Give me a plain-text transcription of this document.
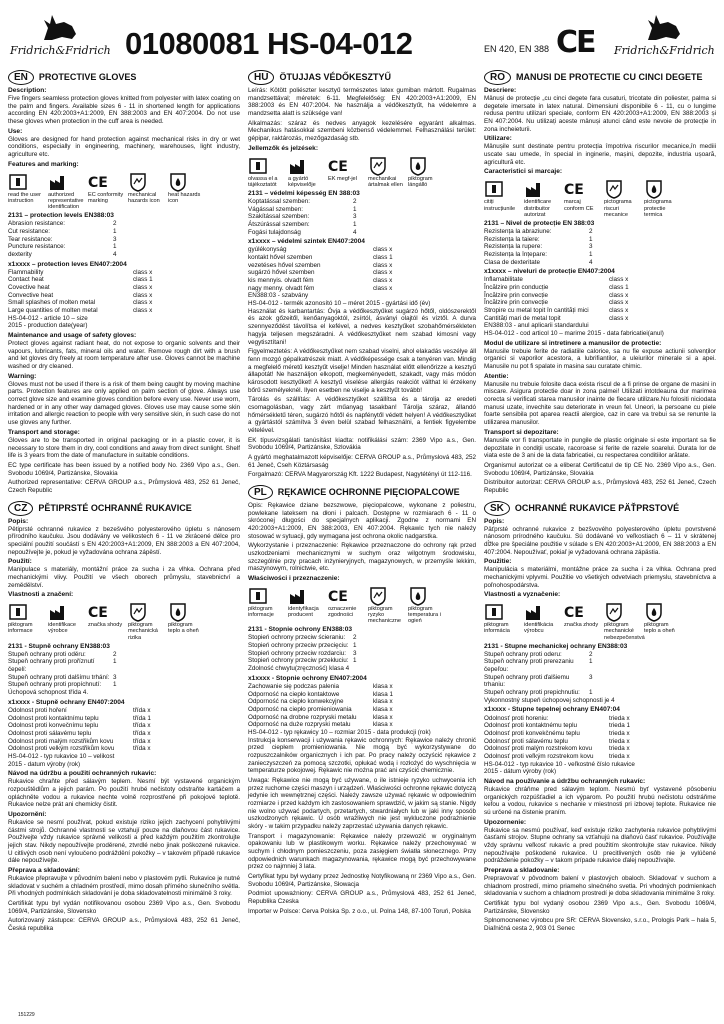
Fridrich&Fridrich 01080081 HS-04-012	EN 420, EN 388 CE Fridrich&Fridrich
EN	PROTECTIVE GLOVES
Description:

Five fingers seamless protection gloves knitted from polyester with latex coating on the palm and fingers. Available sizes 6 - 11 in shortened length for applications according EN 420:2003+A1:2009, EN 388:2003 and EN 407:2004. Do not use these gloves when protection in the cuff area is needed.

Use:

Gloves are designed for hand protection against mechanical risks in dry or wet conditions, especially in engineering, machinery, warehouses, light industry, agriculture etc.

Features and marking:
read the user instruction
authorized representative identification
EC conformity marking
mechanical hazards icon
heat hazards icon
2131 – protection levels EN388:03
Abrasion resistance:	2
Cut resistance:	1
Tear resistance:	3
Puncture resistance:	1
dexterity	4
x1xxxx – protection leves EN407:2004
Flammability	class x
Contact heat	class 1
Covective heat	class x
Convective heat	class x
Small splashes of molten metal	class x
Large quantities of molten metal	class x
HS-04-012 - article 10 – size
2015 - production date(year)
Maintenance and usage of safety gloves:

Protect gloves against radiant heat, do not expose to organic solvents and their vapours, lubricants, fats, mineral oils and water. Remove rough dirt with a brush and let gloves dry freely at room temperature after use. Gloves cannot be machine washed or dry cleaned.

Warning:

Gloves must not be used if there is a risk of them being caught by moving machine parts. Protection features are only applied on palm section of glove. Always use correct glove size and examine gloves condition before every use. Never use worn, hardened or in any other way damaged gloves. Gloves use may cause some skin irritation and allergic reaction to people with very sensitive skin, in such case do not use gloves any further.

Transport and storage:

Gloves are to be transported in original packaging or in a plastic cover, it is necessary to store them in dry, cool conditions and away from direct sunlight. Shelf life is 3 years from the date of manufacture in suitable conditions.

EC type certificate has been issued by a notified body No. 2369 Vipo a.s., Gen. Svobodu 1069/4, Partizánske, Slovakia

Authorized representative: CERVA GROUP a.s., Průmyslová 483, 252 61 Jeneč, Czech Republic

CZ	PĚTIPRSTÉ OCHRANNÉ RUKAVICE
Popis:

Pětiprsté ochranné rukavice z bezešvého polyesterového úpletu s nánosem přírodního kaučuku. Jsou dodávány ve velikostech 6 - 11 ve zkrácené délce pro speciální použití součástí s EN 420:2003+A1:2009, EN 388:2003 a EN 407:2004, nepoužívejte je, pokud je vyžadována ochrana zápěstí.

Použití:

Manipulace s materiály, montážní práce za sucha i za vlhka. Ochrana před mechanickými vlivy. Použití ve všech oborech průmyslu, stavebnictví a zemědělství.

Vlastnosti a značení:
piktogram informace
identifikace výrobce
značka shody piktogram mechanická rizika
piktogram teplo a oheň
2131 - Stupně ochrany EN388:03
Stupeň ochrany proti oděru:	2
Stupeň ochrany proti proříznutí čepelí:
1
Stupeň ochrany proti dalšímu trhání: 3
Stupeň ochrany proti propíchnutí:	1
Úchopová schopnost třída 4.
x1xxxx - Stupně ochrany EN407:2004
Odolnost proti hoření	třída x
Odolnost proti kontaktnímu teplu	třída 1
Odolnost proti konvečnímu teplu	třída x
Odolnost proti sálavému teplu	třída x
Odolnost proti malým rozstřikům kovu	třída x
Odolnost proti velkým rozstřikům kovu	třída x
HS-04-012 - typ rukavice 10 – velikost
2015 - datum výroby (rok)
Návod na údržbu a použití ochranných rukavic:

Rukavice chraňte před sálavým teplem. Nesmí být vystavené organickým rozpouštědlům a jejich parám. Po použití hrubé nečistoty odstraňte kartáčem a opláchněte vodou a rukavice nechte volně rozprostřené při pokojové teplotě. Rukavice nelze prát ani chemicky čistit.

Upozornění:

Rukavice se nesmí používat, pokud existuje riziko jejich zachycení pohyblivými částmi strojů. Ochranné vlastnosti se vztahují pouze na dlaňovou část rukavice. Používejte vždy rukavice správné velikosti a před každým použitím zkontrolujte jejich stav. Nikdy nepoužívejte proděrené, ztvrdlé nebo jinak poškozené rukavice. U citlivých osob není vyloučeno podráždění pokožky – v takovém případě rukavice dále nepoužívejte.

Přeprava a skladování:

Rukavice přepravujte v původním balení nebo v plastovém pytli. Rukavice je nutné skladovat v suchém a chladném prostředí, mimo dosah přímého slunečního světla. Při vhodných podmínkách skladování je doba skladovatelnosti minimálně 3 roky.

Certifikát typu byl vydán notifikovanou osobou 2369 Vipo a.s., Gen. Svobodu 1069/4, Partizánske, Slovensko

Autorizovaný zástupce: CERVA GROUP a.s., Průmyslová 483, 252 61 Jeneč, Česká republika

HU	ÖTUJJAS VÉDŐKESZTYŰ

Leírás: Kötött poliészter kesztyű természetes latex gumiban mártott. Rugalmas mandzsettával; méretek: 6-11. Megfelelőség: EN 420:2003+A1:2009, EN 388:2003 és EN 407:2004. Ne használja a védőkesztyűt, ha védelemre a mandzsetta alatt is szüksége van!

Alkalmazás: száraz és nedves anyagok kezelésére egyaránt alkalmas. Mechanikus hatásokkal szembeni közbenső védelemmel. Felhasználási terület: gépipar, raktározás, mezőgazdaság stb.

Jellemzők és jelzések:
olvassa el a tájékoztatót
a gyártó képviselője
EK megf-jel mechanikai ártalmak ellen
piktogram lángálló
2131 – védelmi képesség EN 388:03
Koptatással szemben:	2
Vágással szemben:	1
Szakítással szemben:	3
Átszúrással szemben:	1
Fogási tulajdonság	4
x1xxxx – védelmi szintek EN407:2004
gyúlékonyság	class x
kontakt hővel szemben	class 1
vezetéses hővel szemben	class x
sugárzó hővel szemben	class x
kis mennyis. olvadt fém	class x
nagy menny. olvadt fém	class x
EN388:03 - szabvány
HS-04-012 - termék azonosító 10 – méret 2015 - gyártási idő (év)

Használat és karbantartás: Óvja a védőkesztyűket sugárzó hőtől, oldószerektől és azok gőzeitől, kenőanyagoktól, zsírtól, ásványi olajtól és víztől. A durva szennyeződést távolítsa el kefével, a nedves kesztyűket szobahőmérsékleten hagyja teljesen megszáradni. A védőkesztyűket nem szabad kimosni vagy vegytisztítani!

Figyelmeztetés: A védőkesztyűket nem szabad viselni, ahol elakadás veszélye áll fenn mozgó gépalkatrészek miatt. A védőképessége csak a tenyéren van. Mindig a megfelelő méretű kesztyűt viselje! Minden használat előtt ellenőrizze a kesztyű állapotát! Ne használjon elkopott, megkeményedett, szakadt, vagy más módon károsodott kesztyűket! A kesztyű viselése allergiás reakciót válthat ki érzékeny bőrű személyeknél. Ilyen esetben ne viselje a kesztyűt tovább!

Tárolás és szállítás: A védőkesztyűket szállítsa és a tárolja az eredeti csomagolásban, vagy zárt műanyag tasakban! Tárolja száraz, állandó hőmérsékletű téren, sugárzó hőtől és napfénytől védett helyen! A védőkesztyűket a gyártástól számítva 3 éven belül szabad felhasználni, a fentiek figyelembe vételével.

EK típusvizsgálati tanúsítást kiadta: notifikálási szám: 2369 Vipo a.s., Gen. Svobodu 1069/4, Partizánske, Szlovákia

A gyártó meghatalmazott képviselője: CERVA GROUP a.s., Průmyslová 483, 252 61 Jeneč, Cseh Köztársaság

Forgalmazó: CERVA Magyarország Kft. 1222 Budapest, Nagytétényi út 112-116.

PL	RĘKAWICE OCHRONNE PIĘCIOPALCOWE

Opis: Rękawice dziane bezszwowe, pięciopalcowe, wykonane z poliestru, powlekane lateksem na dłoni i palcach. Dostępne w rozmiarach 6 - 11 o skróconej długości do specjalnych aplikacji. Zgodne z normami EN 420:2003+A1:2009, EN 388:2003, EN 407:2004. Rękawic tych nie należy stosować w sytuacji, gdy wymagana jest ochrona okolic nadgarstka.

Wykorzystanie i przeznaczenie: Rękawice przeznaczone do ochrony rąk przed uszkodzeniami mechanicznymi w suchym oraz wilgotnym środowisku, szczególnie przy pracach inżynieryjnych, magazynowych, w przemyśle lekkim, maszynowym, rolnictwie, etc.

Właściwości i przeznaczenie:
piktogram informacje
identyfikacja producent
oznaczenie zgodności
piktogram ryzyko mechaniczne
piktogram temperatura i ogień
2131 - Stopnie ochrony EN388:03
Stopień ochrony przeciw ścieraniu:	2
Stopień ochrony przeciw przecięciu: 1
Stopień ochrony przeciw rozdarciu:	3
Stopień ochrony przeciw przekłuciu: 1
Zdolność chwytu(zręczność) klasa 4
x1xxxx - Stopnie ochrony EN407:2004
Zachowanie się podczas palenia	klasa x
Odporność na ciepło kontaktowe	klasa 1
Odporność na ciepło konwekcyjne	klasa x
Odporność na ciepło promieniowania	klasa x
Odporność na drobne rozpryski metalu	klasa x
Odporność na duże rozpryski metalu	klasa x
HS-04-012 - typ rękawicy 10 – rozmiar 2015 - data produkcji (rok)

Instrukcja konserwacji i używania rękawic ochronnych: Rękawice należy chronić przed ciepłem promieniowania. Nie mogą być wykorzystywane do rozpuszczalników organicznych i ich par. Po pracy należy oczyścić rękawice z zanieczyszczeń za pomocą szczotki, opłukać wodą i rozłożyć do wyschnięcia w temperaturze pokojowej. Rękawic nie można prać ani czyścić chemicznie.

Uwaga: Rękawice nie mogą być używane, o ile istnieje ryzyko uchwycenia ich przez ruchome części maszyn i urządzeń. Właściwości ochronne rękawic dotyczą jedynie ich wewnętrznej części. Należy zawsze używać rękawic w odpowiednim rozmiarze i przed każdym ich zastosowaniem sprawdzić, w jakim są stanie. Nigdy nie wolno używać podartych, przetartych, stwardniałych lub w jaki inny sposób uszkodzonych rękawic. U osób wrażliwych nie jest wykluczone podrażnienie skóry - w takim przypadku należy zaprzestać używania danych rękawic.

Transport i magazynowanie: Rękawice należy przewozić w oryginalnym opakowaniu lub w plastikowym worku. Rękawice należy przechowywać w suchym i chłodnym pomieszczeniu, poza zasięgiem światła słonecznego. Przy odpowiednich warunkach magazynowania, rękawice mogą być przechowywane przez co najmniej 3 lata.

Certyfikat typu był wydany przez Jednostkę Notyfikowaną nr 2369 Vipo a.s., Gen. Svobodu 1069/4, Partizánske, Słowacja

Podmiot upoważniony: CERVA GROUP a.s., Průmyslová 483, 252 61 Jeneč, Republika Czeska

Importer w Polsce: Cerva Polska Sp. z o.o., ul. Polna 148, 87-100 Toruń, Polska

RO	MANUSI DE PROTECTIE CU CINCI DEGETE
Descriere:

Mânuși de protecție „cu cinci degete fara cusaturi, tricotate din poliester, palma si degetele imersate in latex natural. Dimensiuni disponibile 6 - 11, cu o lungime redusa pentru utilizari speciale, conform EN 420:2003+A1:2009, EN 388:2003 și EN 407:2004. Nu utilizați aceste mânuși atunci când este nevoie de protecție in zona incheieturii.

Utilizare:

Mânușile sunt destinate pentru protecția împotriva riscurilor mecanice,în mediii uscate sau umede, în special in inginerie, mașini, depozite, industria ușoară, agricultură etc.

Caracteristici si marcaje:
citiți instrucțiunile
identificare distribuitor autorizat
marcaj conform CE
pictograma riscuri mecanice
pictograma protectie termica
2131 – Nivel de protecție EN 388:03
Rezistența la abraziune:	2
Rezistența la taiere:	1
Rezistența la rupere:	3
Rezistența la înțepare:	1
Clasa de dexteritate	4
x1xxxx – niveluri de protecție EN407:2004
Inflamabilitate	class x
Încălzire prin conducție	class 1
Încălzire prin convecție	class x
Încălzire prin convecție	class x
Stropire cu metal topit în cantități mici	class x
Cantități mari de metal topit	class x
EN388:03 - anul aplicarii standardului
HS-04-012 - cod articol 10 – marime 2015 - data fabricatiei(anul)
Modul de utilizare si intretinere a manusilor de protectie:

Manusile trebuie ferite de radiatiile calorice, sa nu fie expuse actiunii solvenților organici si vaporilor acestora, a lubrifiantilor, a uleiurilor minerale si a apei. Manusile nu pot fi spalate in masina sau curatate chimic.

Atentie:

Manusile nu trebuie folosite daca exista riscul de a fi prinse de organe de masini in miscare. Asigura protectie doar in zona palmei! Utilizati intotdeauna dur marimea corecta si verificati starea manusilor inainte de fiecare utilizare.Nu folositi niciodata manusi uzate, invechite sau deteriorate in vreun fel. Uneori, la persoane cu piele foarte sensibila pot aparea reactii alergice, caz in care va trebui sa se renunte la utilizarea manusilor.

Transport si depozitare:

Manusile vor fi transportate in pungile de plastic originale si este important sa fie depozitate in condiții uscate, racoroase si ferite de razele soarelui. Durata lor de viata este de 3 ani de la data fabricatiei, cu respectarea conditiilor arătate.

Organismul autorizat ce a eliberat Certificatul de tip CE No. 2369 Vipo a.s., Gen. Svobodu 1069/4, Partizánske, Slovakia

Distribuitor autorizat: CERVA GROUP a.s., Průmyslová 483, 252 61 Jeneč, Czech Republic

SK	OCHRANNÉ RUKAVICE PÄŤPRSTOVÉ
Popis:

Päťprsté ochranné rukavice z bezšvového polyesterového úpletu povrstvené nánosom prírodného kaučuku. Sú dodávané vo veľkostiach 6 – 11 v skrátenej dĺžke pre špeciálne použitie v súlade s EN 420:2003+A1:2009, EN 388:2003 a EN 407:2004. Nepoužívať, pokiaľ je vyžadovaná ochrana zápästia.

Použitie:

Manipulácia s materiálmi, montážne práce za sucha i za vlhka. Ochrana pred mechanickými vplyvmi. Použitie vo všetkých odvetviach priemyslu, stavebníctva a poľnohospodárstva.

Vlastnosti a vyznačenie:
piktogram informácia
identifikácia výrobcu
značka zhody piktogram mechanické nebezpečenstvá
piktogram teplo a oheň
2131 - Stupne mechanickej ochrany EN388:03
Stupeň ochrany proti oderu:	2
Stupeň ochrany proti prerezaniu čepeľou:
1
Stupeň ochrany proti ďalšiemu trhaniu:
3
Stupeň ochrany proti prepichnutiu:	1
Vykonnostný stupeň úchopovej schopnosti je 4
x1xxxx - Stupne tepelnej ochrany EN407:04
Odolnosť proti horeniu:	trieda x
Odolnosť proti kontaktnému teplu	trieda 1
Odolnosť proti konvekčnému teplu	trieda x
Odolnosť proti sálavému teplu	trieda x
Odolnosť proti malým rozstrekom kovu	trieda x
Odolnosť proti veľkým rozstrekom kovu	trieda x
HS-04-012 - typ rukavice 10 - veľkostné číslo rukavice
2015 - dátum výroby (rok)
Návod na používanie a údržbu ochranných rukavíc:

Rukavice chráňme pred sálavým teplom. Nesmú byť vystavené pôsobeniu organických rozpúšťadiel a ich výparom. Po použití hrubú nečistotu odstráňme kefou a vodou, rukavice s nechanie v miestnosti pri izbovej teplote. Rukavice nie sú určené na čistenie praním.

Upozornenie:

Rukavice sa nesmú používať, keď existuje riziko zachytenia rukavice pohyblivými časťami strojov. Stupne ochrany sa vzťahujú na dlaňovú časť rukavice. Používajte vždy správnu veľkosť rukavíc a pred použitím skontrolujte stav rukavice. Nikdy nepoužívajte poškodené rukavice. U precitlivených osôb nie je vylúčené podráždenie pokožky – v takom prípade rukavice ďalej nepoužívajte.

Preprava a skladovanie:

Prepravovať v pôvodnom balení v plastových obaloch. Skladovať v suchom a chladnom prostredí, mimo priameho slnečného svetla. Pri vhodných podmienkach skladovania v suchom a chladnom prostredí je doba skladovania minimálne 3 roky.

Certifikát typu bol vydaný osobou 2369 Vipo a.s., Gen. Svobodu 1069/4, Partizánske, Slovensko

Splnomocnenec výrobcu pre SR: CERVA Slovensko, s.r.o., Prologis Park – hala 5, Diaľničná cesta 2, 903 01 Senec

151229
